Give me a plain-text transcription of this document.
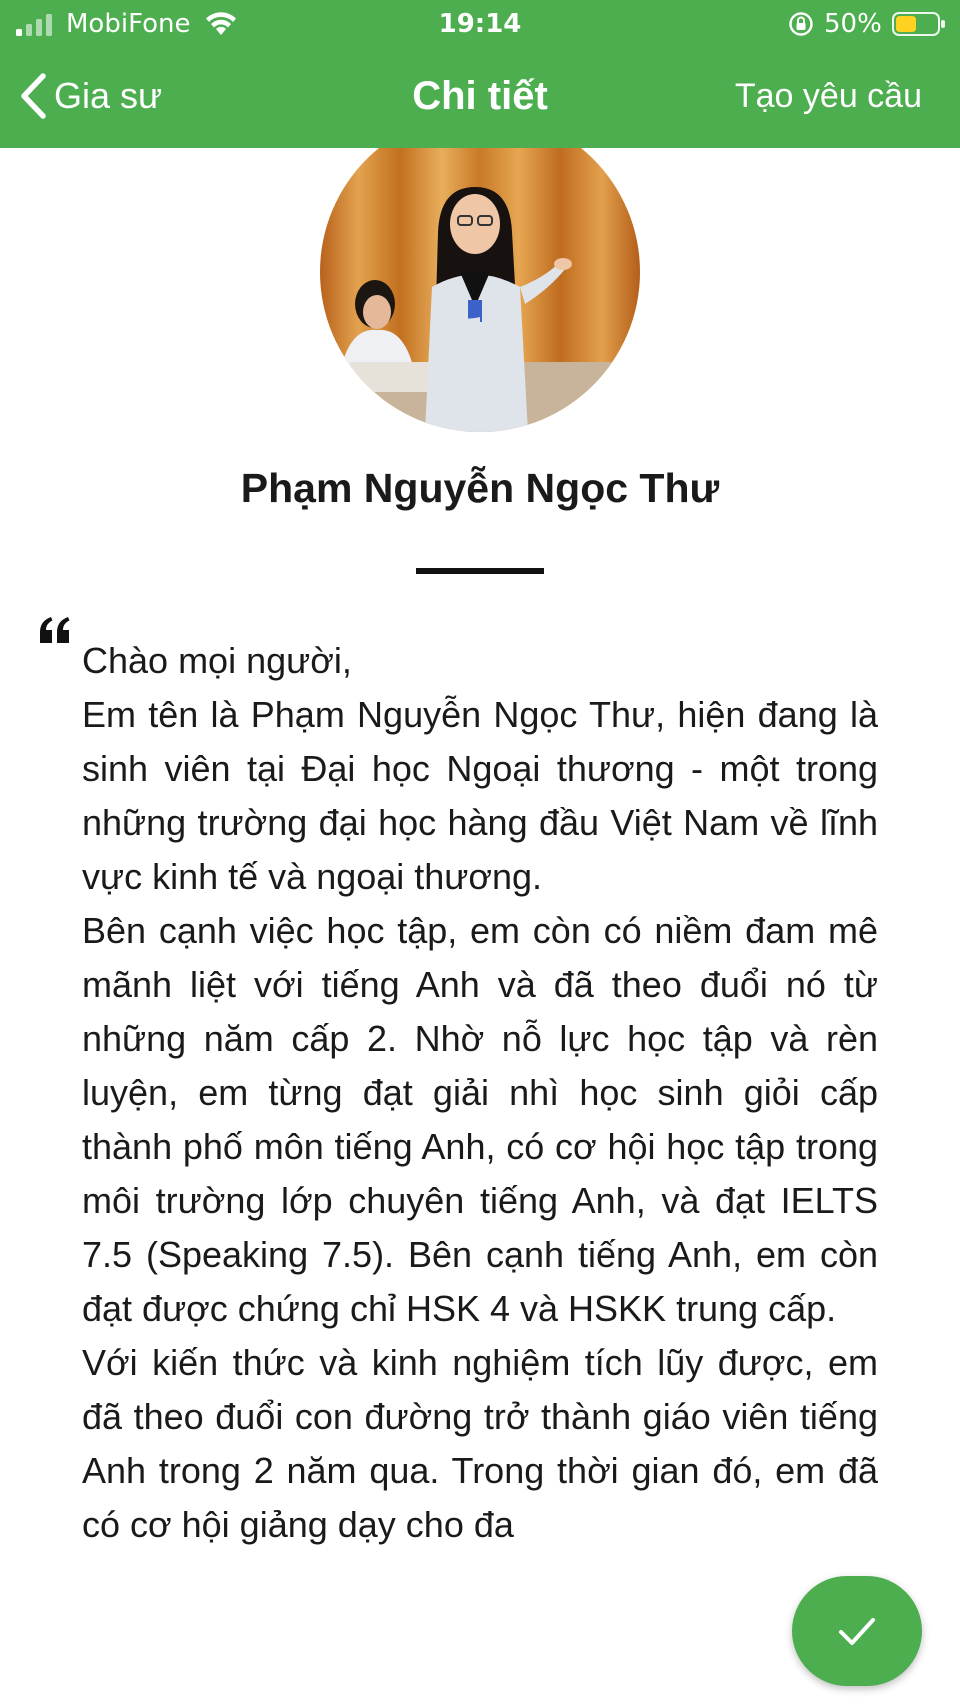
MobiFone	19:14	50%
Gia sư	Chi tiết	Tạo yêu cầu
Phạm Nguyễn Ngọc Thư

Chào mọi người,

Em tên là Phạm Nguyễn Ngọc Thư, hiện đang là sinh viên tại Đại học Ngoại thương - một trong những trường đại học hàng đầu Việt Nam về lĩnh vực kinh tế và ngoại thương.

Bên cạnh việc học tập, em còn có niềm đam mê mãnh liệt với tiếng Anh và đã theo đuổi nó từ những năm cấp 2. Nhờ nỗ lực học tập và rèn luyện, em từng đạt giải nhì học sinh giỏi cấp thành phố môn tiếng Anh, có cơ hội học tập trong môi trường lớp chuyên tiếng Anh, và đạt IELTS 7.5 (Speaking 7.5). Bên cạnh tiếng Anh, em còn đạt được chứng chỉ HSK 4 và HSKK trung cấp.

Với kiến thức và kinh nghiệm tích lũy được, em đã theo đuổi con đường trở thành giáo viên tiếng Anh trong 2 năm qua. Trong thời gian đó, em đã có cơ hội giảng dạy cho đa
